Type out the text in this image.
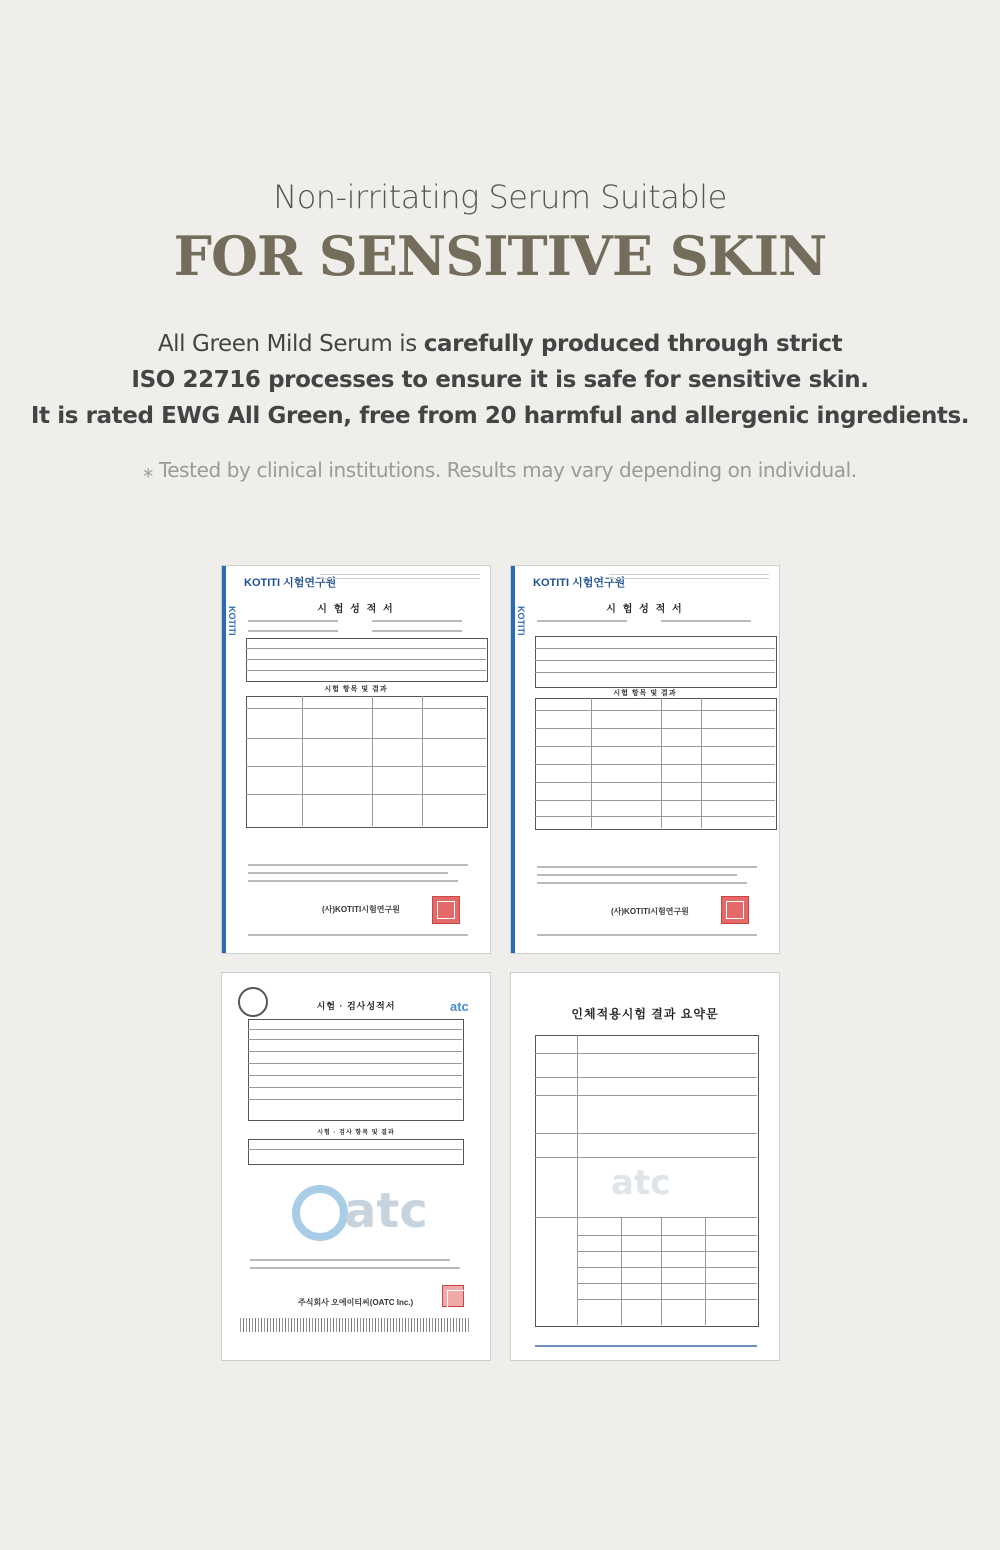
Non-irritating Serum Suitable
FOR SENSITIVE SKIN
All Green Mild Serum is carefully produced through strict
ISO 22716 processes to ensure it is safe for sensitive skin.
It is rated EWG All Green, free from 20 harmful and allergenic ingredients.
⁎ Tested by clinical institutions. Results may vary depending on individual.
KOTITI
KOTITI 시험연구원
시 험 성 적 서
시험 항목 및 결과
(사)KOTITI시험연구원
KOTITI
KOTITI 시험연구원
시 험 성 적 서
시험 항목 및 결과
(사)KOTITI시험연구원
시험 · 검사성적서	atc
시험 · 검사 항목 및 결과
atc
주식회사 오에이티씨(OATC Inc.)
인체적용시험 결과 요약문
atc
